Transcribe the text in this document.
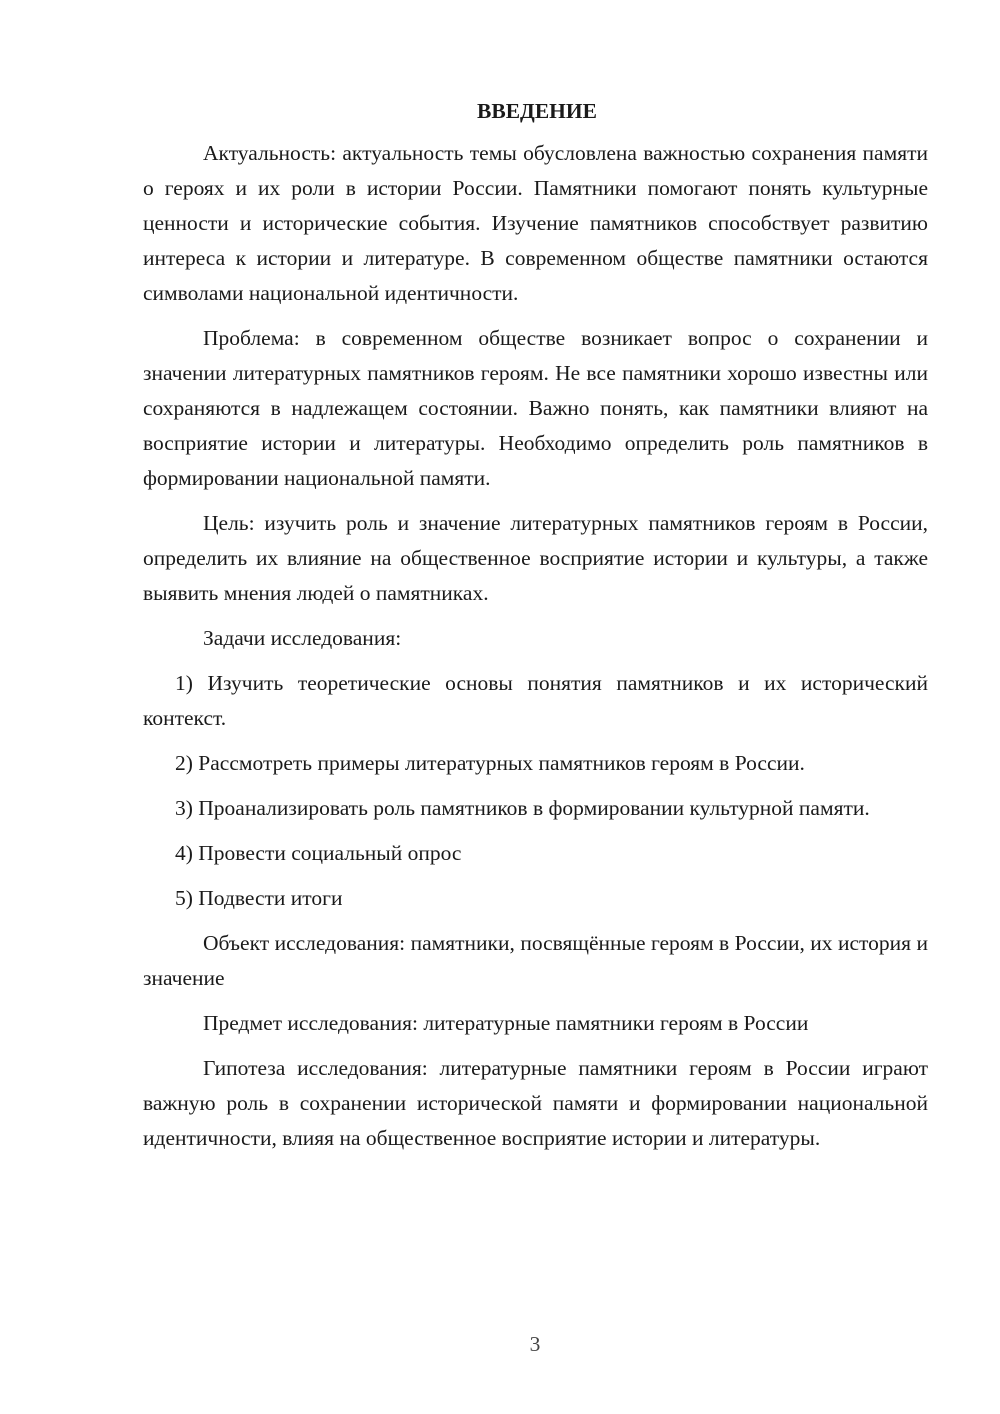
ВВЕДЕНИЕ

Актуальность: актуальность темы обусловлена важностью сохранения памяти о героях и их роли в истории России. Памятники помогают понять культурные ценности и исторические события. Изучение памятников способствует развитию интереса к истории и литературе. В современном обществе памятники остаются символами национальной идентичности.

Проблема: в современном обществе возникает вопрос о сохранении и значении литературных памятников героям. Не все памятники хорошо известны или сохраняются в надлежащем состоянии. Важно понять, как памятники влияют на восприятие истории и литературы. Необходимо определить роль памятников в формировании национальной памяти.

Цель: изучить роль и значение литературных памятников героям в России, определить их влияние на общественное восприятие истории и культуры, а также выявить мнения людей о памятниках.

Задачи исследования:

1) Изучить теоретические основы понятия памятников и их исторический контекст.

2) Рассмотреть примеры литературных памятников героям в России.

3) Проанализировать роль памятников в формировании культурной памяти.

4) Провести социальный опрос

5) Подвести итоги

Объект исследования: памятники, посвящённые героям в России, их история и значение

Предмет исследования: литературные памятники героям в России

Гипотеза исследования: литературные памятники героям в России играют важную роль в сохранении исторической памяти и формировании национальной идентичности, влияя на общественное восприятие истории и литературы.

3
